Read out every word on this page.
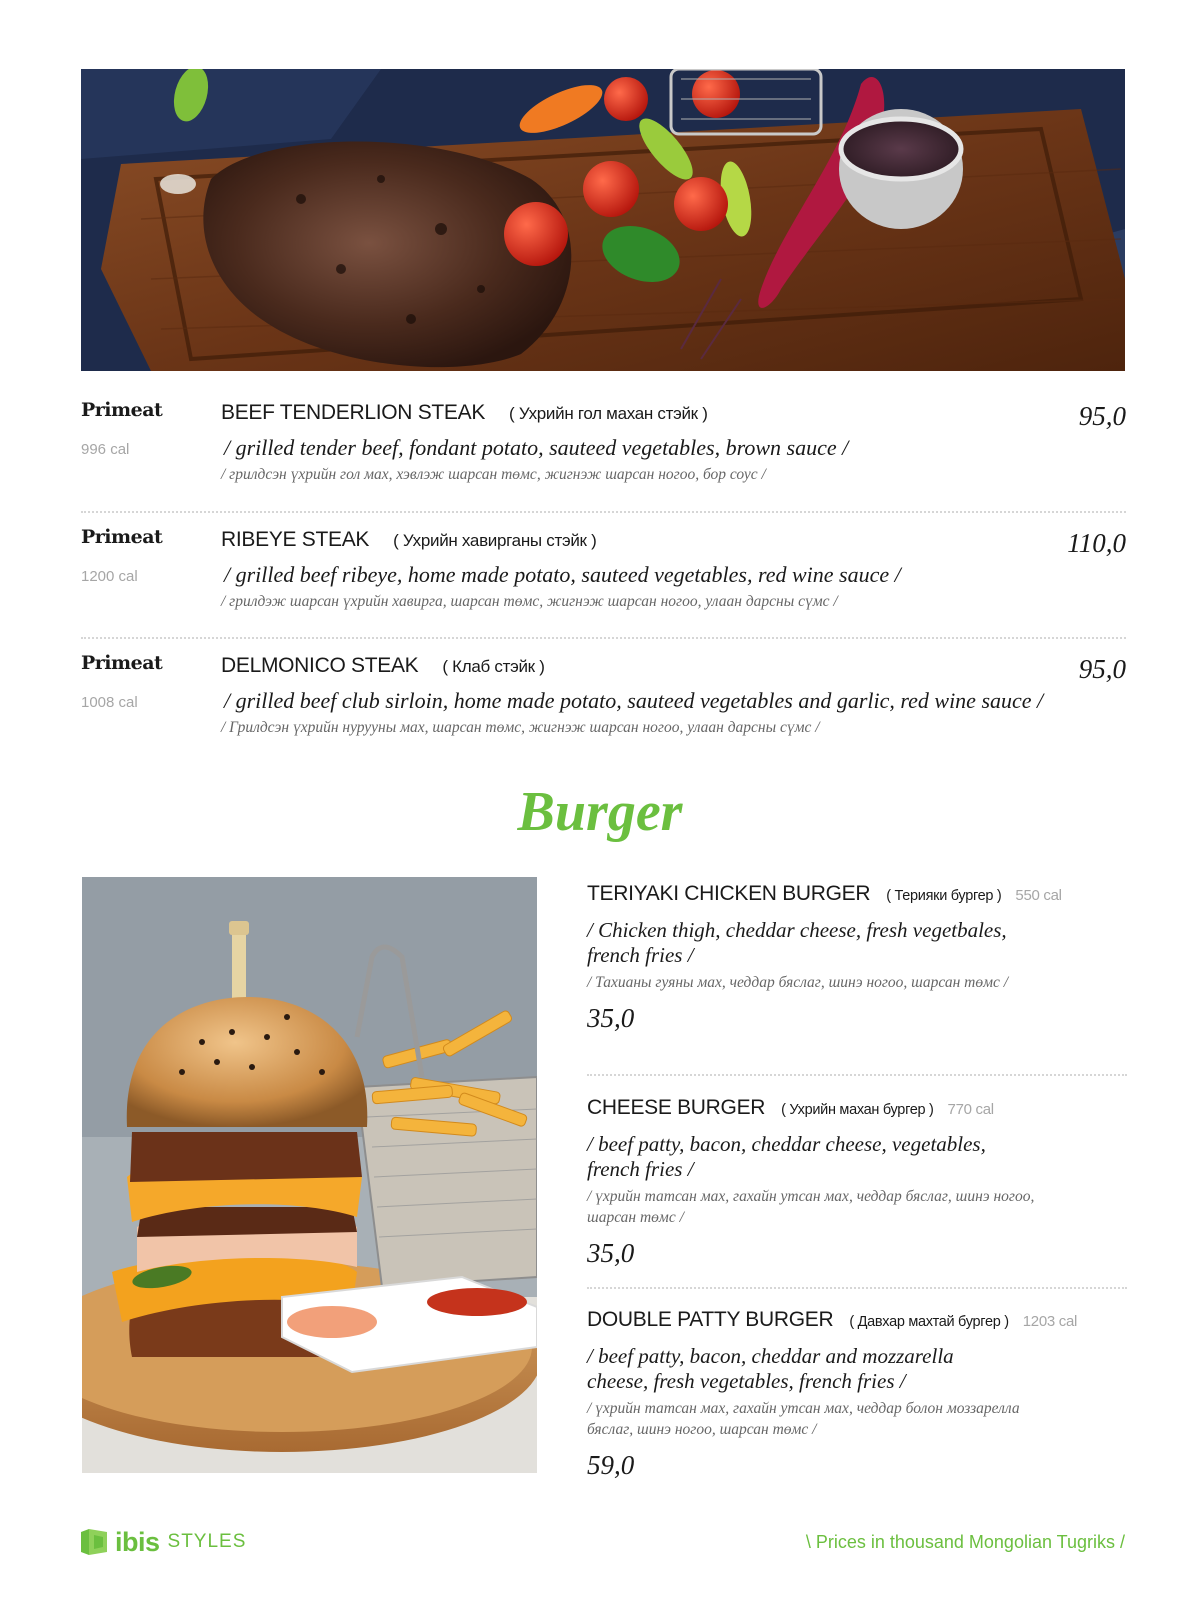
Primeat
996 cal
BEEF TENDERLION STEAK ( Ухрийн гол махан стэйк )	95,0
/ grilled tender beef, fondant potato, sauteed vegetables, brown sauce /
/ грилдсэн үхрийн гол мах, хэвлэж шарсан төмс, жигнэж шарсан ногоо, бор соус /
Primeat
1200 cal
RIBEYE STEAK ( Ухрийн хавирганы стэйк )	110,0
/ grilled beef ribeye, home made potato, sauteed vegetables, red wine sauce /
/ грилдэж шарсан үхрийн хавирга, шарсан төмс, жигнэж шарсан ногоо, улаан дарсны сүмс /
Primeat
1008 cal
DELMONICO STEAK ( Клаб стэйк )	95,0
/ grilled beef club sirloin, home made potato, sauteed vegetables and garlic, red wine sauce /
/ Грилдсэн үхрийн нурууны мах, шарсан төмс, жигнэж шарсан ногоо, улаан дарсны сүмс /
Burger
TERIYAKI CHICKEN BURGER ( Терияки бургер ) 550 cal
/ Chicken thigh, cheddar cheese, fresh vegetbales, french fries /
/ Тахианы гуяны мах, чеддар бяслаг, шинэ ногоо, шарсан төмс /
35,0
CHEESE BURGER ( Ухрийн махан бургер ) 770 cal
/ beef patty, bacon, cheddar cheese, vegetables, french fries /
/ үхрийн татсан мах, гахайн утсан мах, чеддар бяслаг, шинэ ногоо, шарсан төмс /
35,0
DOUBLE PATTY BURGER ( Давхар махтай бургер ) 1203 cal
/ beef patty, bacon, cheddar and mozzarella cheese, fresh vegetables, french fries /
/ үхрийн татсан мах, гахайн утсан мах, чеддар болон моззарелла бяслаг, шинэ ногоо, шарсан төмс /
59,0
ibis STYLES	\ Prices in thousand Mongolian Tugriks /
